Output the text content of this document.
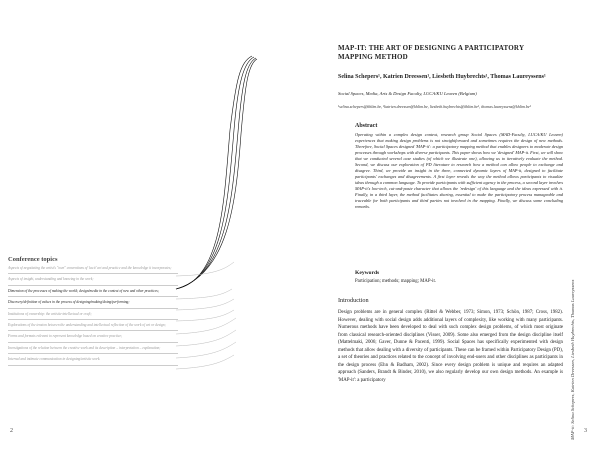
Conference topics
Aspects of negotiating the artist's "own" conventions of 'tacit' art and practice and the knowledge it incorporates;
Aspects of insight, understanding and knowing in the work;
Dimension of the processes of making the world; design/media in the context of new and other practices;
Discovery/definition of values in the process of designing/making/doing/performing;
Institutions of ownership: the artistic-intellectual or craft;
Explorations of the tension between the understanding and intellectual reflection of the work of art or design;
Forms and formats relevant to represent knowledge based on creative practice;
Investigations of the relation between the creative work and its description – interpretation – explanation;
Internal and intimate communication in designing/artistic work.
2
MAP-IT: THE ART OF DESIGNING A PARTICIPATORY MAPPING METHOD
Selina Schepers¹, Katrien Dreessen¹, Liesbeth Huybrechts¹, Thomas Laureyssens¹
Social Spaces, Media, Arts & Design Faculty, LUCA/KU Leuven (Belgium)
¹selina.schepers@khlim.be, ¹katrien.dreessen@khlim.be, liesbeth.huybrechts@khlim.be¹, thomas.laureyssens@khlim.be¹
Abstract
Operating within a complex design context, research group Social Spaces (MAD-Faculty, LUCA/KU Leuven) experiences that making design problems is not straightforward and sometimes requires the design of new methods. Therefore, Social Spaces designed 'MAP-it': a participatory mapping method that enables designers to moderate design processes through workshops with diverse participants. This paper shows how we 'designed' MAP-it. First, we will show that we conducted several case studies (of which we illustrate one), allowing us to iteratively evaluate the method. Second, we discuss our exploration of PD literature to research how a method can allow people to exchange and disagree. Third, we provide an insight in the three, connected dynamic layers of MAP-it, designed to facilitate participants' exchanges and disagreements. A first layer reveals the way the method allows participants to visualize ideas through a common language. To provide participants with sufficient agency in the process, a second layer involves MAP-it's low-tech, cut-and-paste character that allows the 'redesign' of this language and the ideas expressed with it. Finally, in a third layer, the method facilitates sharing, essential to make the participatory process manageable and traceable for both participants and third parties not involved in the mapping. Finally, we discuss some concluding remarks.
Keywords
Participation; methods; mapping; MAP-it.
Introduction
Design problems are in general complex (Rittel & Webber, 1973; Simon, 1973; Schön, 1987; Cross, 1982). However, dealing with social design adds additional layers of complexity, like working with many participants. Numerous methods have been developed to deal with such complex design problems, of which most originate from classical research-oriented disciplines (Visser, 2009). Some also emerged from the design discipline itself (Mattelmaki, 2006; Gaver, Dunne & Pacenti, 1999). Social Spaces has specifically experimented with design methods that allow dealing with a diversity of participants. These can be framed within Participatory Design (PD), a set of theories and practices related to the concept of involving end-users and other disciplines as participants in the design process (Ehn & Badham, 2002). Since every design problem is unique and requires an adapted approach (Sanders, Brandt & Binder, 2010), we also regularly develop our own design methods. An example is 'MAP-it': a participatory	MAP-it: Selina Schepers, Katrien Dreessen, Liesbeth Huybrechts, Thomas Laureyssens 3
